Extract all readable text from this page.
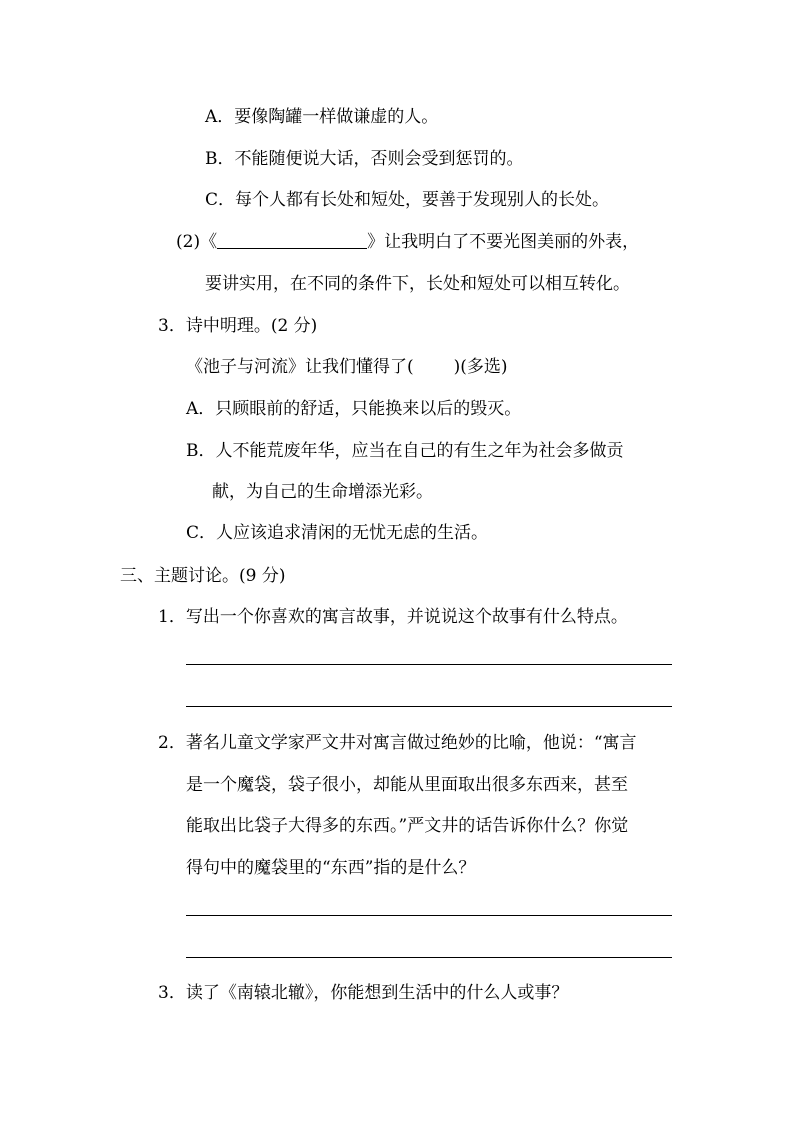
A．要像陶罐一样做谦虚的人。
B．不能随便说大话，否则会受到惩罚的。
C．每个人都有长处和短处，要善于发现别人的长处。
(2)《	》让我明白了不要光图美丽的外表，
要讲实用，在不同的条件下，长处和短处可以相互转化。
3．诗中明理。(2 分)
《池子与河流》让我们懂得了( )(多选)
A．只顾眼前的舒适，只能换来以后的毁灭。
B．人不能荒废年华，应当在自己的有生之年为社会多做贡
献，为自己的生命增添光彩。
C．人应该追求清闲的无忧无虑的生活。
三、主题讨论。(9 分)
1．写出一个你喜欢的寓言故事，并说说这个故事有什么特点。
2．著名儿童文学家严文井对寓言做过绝妙的比喻，他说：“寓言
是一个魔袋，袋子很小，却能从里面取出很多东西来，甚至
能取出比袋子大得多的东西。”严文井的话告诉你什么？你觉
得句中的魔袋里的“东西”指的是什么？
3．读了《南辕北辙》，你能想到生活中的什么人或事？
